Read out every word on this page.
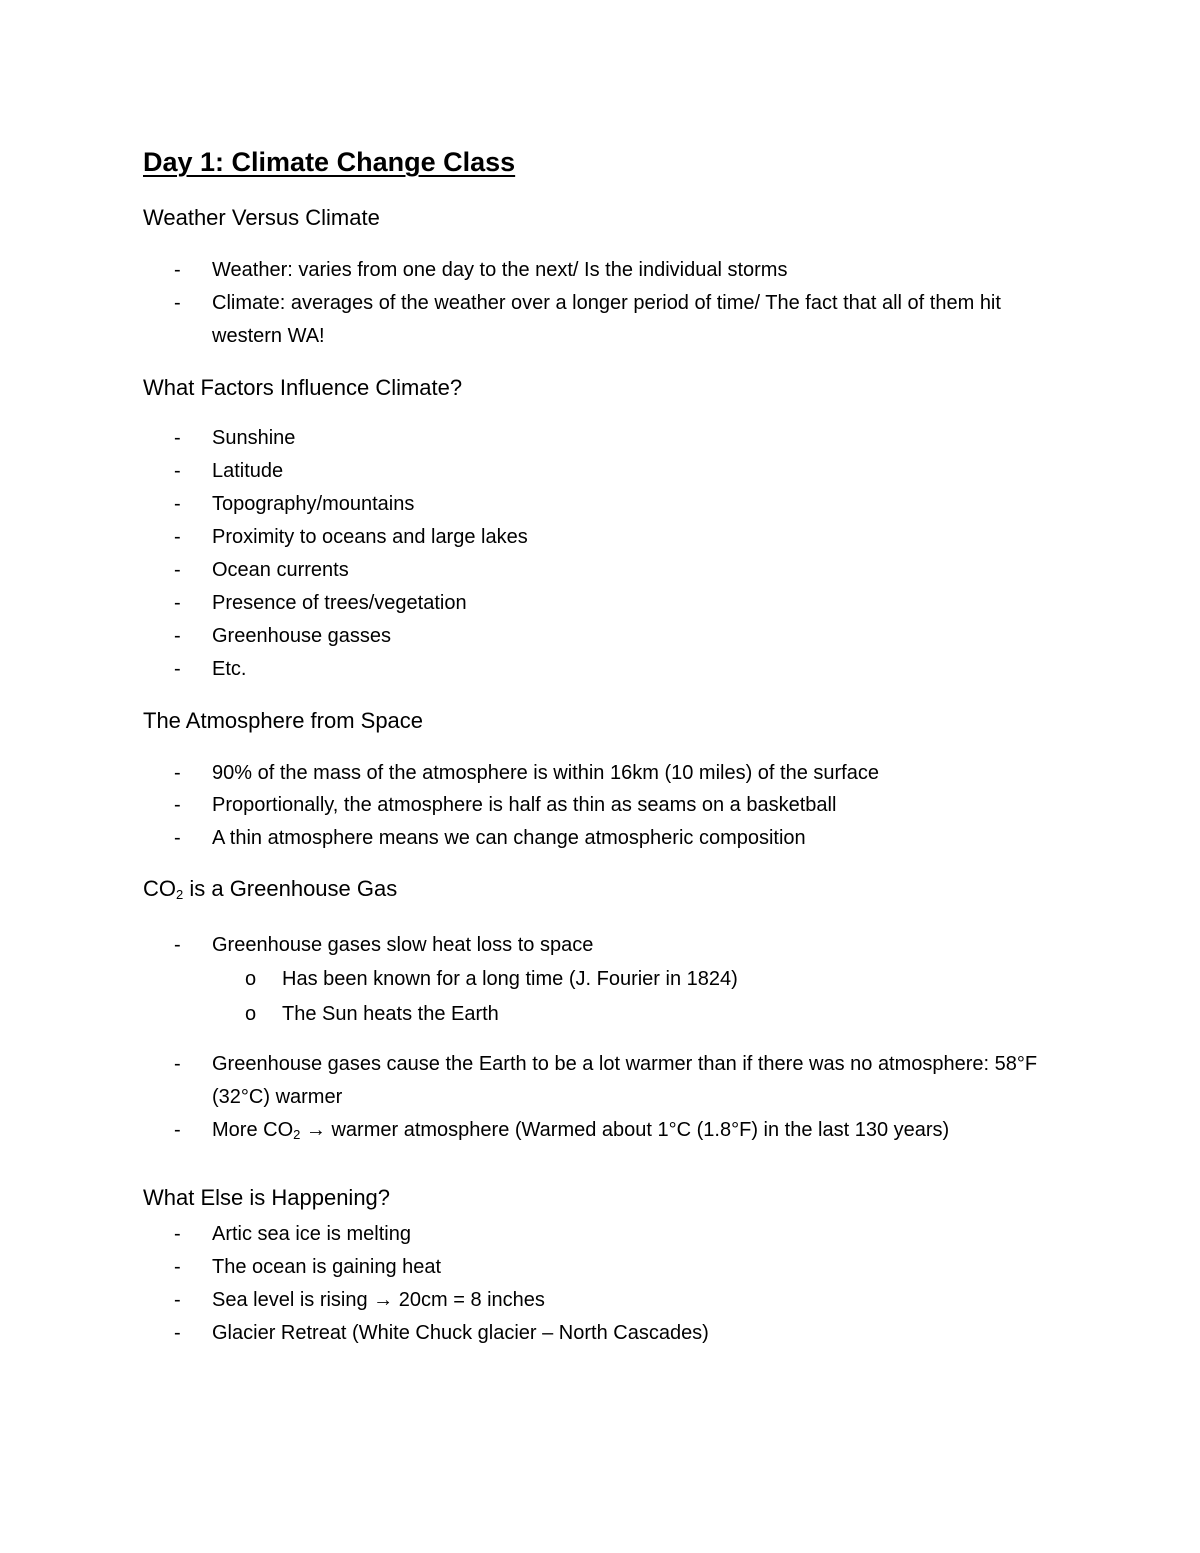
Day 1: Climate Change Class
Weather Versus Climate
-	Weather: varies from one day to the next/ Is the individual storms
-	Climate: averages of the weather over a longer period of time/ The fact that all of them hit western WA!
What Factors Influence Climate?
-	Sunshine
-	Latitude
-	Topography/mountains
-	Proximity to oceans and large lakes
-	Ocean currents
-	Presence of trees/vegetation
-	Greenhouse gasses
-	Etc.
The Atmosphere from Space
-	90% of the mass of the atmosphere is within 16km (10 miles) of the surface
-	Proportionally, the atmosphere is half as thin as seams on a basketball
-	A thin atmosphere means we can change atmospheric composition
$CO_2$ is a Greenhouse Gas
-	Greenhouse gases slow heat loss to space
o	Has been known for a long time (J. Fourier in 1824)
o	The Sun heats the Earth
-	Greenhouse gases cause the Earth to be a lot warmer than if there was no atmosphere: 58°F (32°C) warmer
-	More $CO_2$ → warmer atmosphere (Warmed about 1°C (1.8°F) in the last 130 years)
What Else is Happening?
-	Artic sea ice is melting
-	The ocean is gaining heat
-	Sea level is rising → 20cm = 8 inches
-	Glacier Retreat (White Chuck glacier – North Cascades)
